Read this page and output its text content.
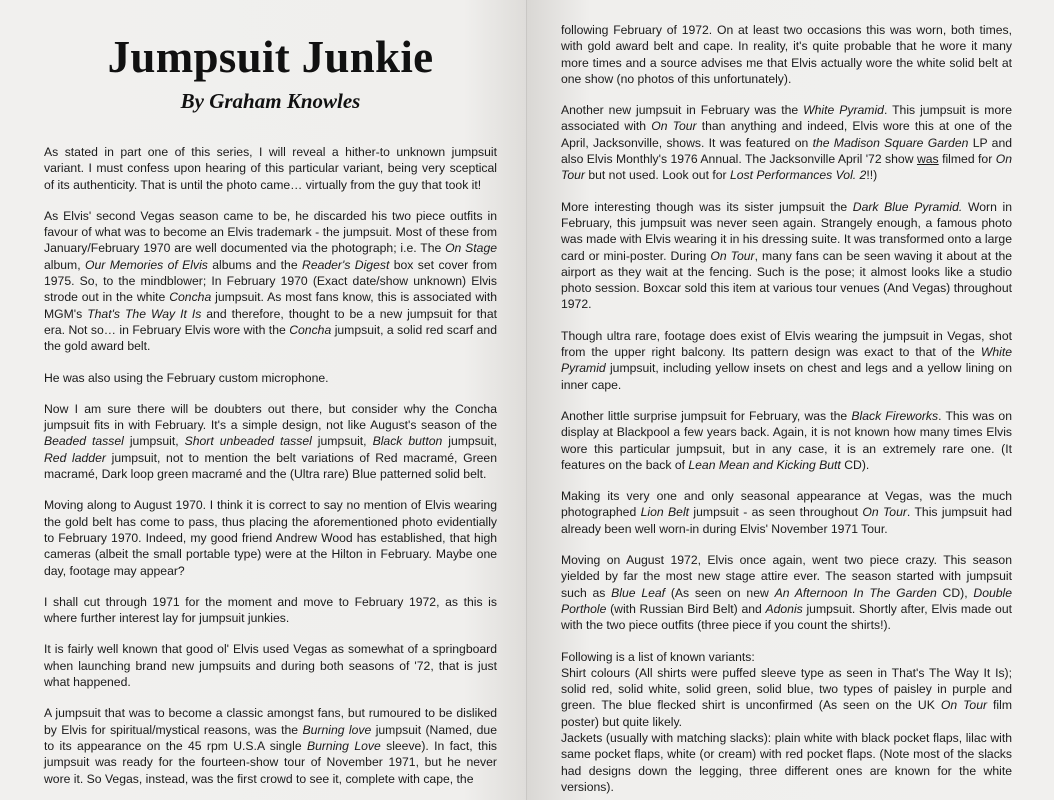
Jumpsuit Junkie
By Graham Knowles

As stated in part one of this series, I will reveal a hither-to unknown jumpsuit variant. I must confess upon hearing of this particular variant, being very sceptical of its authenticity. That is until the photo came… virtually from the guy that took it!

As Elvis' second Vegas season came to be, he discarded his two piece outfits in favour of what was to become an Elvis trademark - the jumpsuit. Most of these from January/February 1970 are well documented via the photograph; i.e. The On Stage album, Our Memories of Elvis albums and the Reader's Digest box set cover from 1975. So, to the mindblower; In February 1970 (Exact date/show unknown) Elvis strode out in the white Concha jumpsuit. As most fans know, this is associated with MGM's That's The Way It Is and therefore, thought to be a new jumpsuit for that era. Not so… in February Elvis wore with the Concha jumpsuit, a solid red scarf and the gold award belt.

He was also using the February custom microphone.

Now I am sure there will be doubters out there, but consider why the Concha jumpsuit fits in with February. It's a simple design, not like August's season of the Beaded tassel jumpsuit, Short unbeaded tassel jumpsuit, Black button jumpsuit, Red ladder jumpsuit, not to mention the belt variations of Red macramé, Green macramé, Dark loop green macramé and the (Ultra rare) Blue patterned solid belt.

Moving along to August 1970. I think it is correct to say no mention of Elvis wearing the gold belt has come to pass, thus placing the aforementioned photo evidentially to February 1970. Indeed, my good friend Andrew Wood has established, that high cameras (albeit the small portable type) were at the Hilton in February. Maybe one day, footage may appear?

I shall cut through 1971 for the moment and move to February 1972, as this is where further interest lay for jumpsuit junkies.

It is fairly well known that good ol' Elvis used Vegas as somewhat of a springboard when launching brand new jumpsuits and during both seasons of '72, that is just what happened.

A jumpsuit that was to become a classic amongst fans, but rumoured to be disliked by Elvis for spiritual/mystical reasons, was the Burning love jumpsuit (Named, due to its appearance on the 45 rpm U.S.A single Burning Love sleeve). In fact, this jumpsuit was ready for the fourteen-show tour of November 1971, but he never wore it. So Vegas, instead, was the first crowd to see it, complete with cape, the

following February of 1972. On at least two occasions this was worn, both times, with gold award belt and cape. In reality, it's quite probable that he wore it many more times and a source advises me that Elvis actually wore the white solid belt at one show (no photos of this unfortunately).

Another new jumpsuit in February was the White Pyramid. This jumpsuit is more associated with On Tour than anything and indeed, Elvis wore this at one of the April, Jacksonville, shows. It was featured on the Madison Square Garden LP and also Elvis Monthly's 1976 Annual. The Jacksonville April '72 show was filmed for On Tour but not used. Look out for Lost Performances Vol. 2!!)

More interesting though was its sister jumpsuit the Dark Blue Pyramid. Worn in February, this jumpsuit was never seen again. Strangely enough, a famous photo was made with Elvis wearing it in his dressing suite. It was transformed onto a large card or mini-poster. During On Tour, many fans can be seen waving it about at the airport as they wait at the fencing. Such is the pose; it almost looks like a studio photo session. Boxcar sold this item at various tour venues (And Vegas) throughout 1972.

Though ultra rare, footage does exist of Elvis wearing the jumpsuit in Vegas, shot from the upper right balcony. Its pattern design was exact to that of the White Pyramid jumpsuit, including yellow insets on chest and legs and a yellow lining on inner cape.

Another little surprise jumpsuit for February, was the Black Fireworks. This was on display at Blackpool a few years back. Again, it is not known how many times Elvis wore this particular jumpsuit, but in any case, it is an extremely rare one. (It features on the back of Lean Mean and Kicking Butt CD).

Making its very one and only seasonal appearance at Vegas, was the much photographed Lion Belt jumpsuit - as seen throughout On Tour. This jumpsuit had already been well worn-in during Elvis' November 1971 Tour.

Moving on August 1972, Elvis once again, went two piece crazy. This season yielded by far the most new stage attire ever. The season started with jumpsuit such as Blue Leaf (As seen on new An Afternoon In The Garden CD), Double Porthole (with Russian Bird Belt) and Adonis jumpsuit. Shortly after, Elvis made out with the two piece outfits (three piece if you count the shirts!).

Following is a list of known variants:
Shirt colours (All shirts were puffed sleeve type as seen in That's The Way It Is); solid red, solid white, solid green, solid blue, two types of paisley in purple and green. The blue flecked shirt is unconfirmed (As seen on the UK On Tour film poster) but quite likely.
Jackets (usually with matching slacks): plain white with black pocket flaps, lilac with same pocket flaps, white (or cream) with red pocket flaps. (Note most of the slacks had designs down the legging, three different ones are known for the white versions).
